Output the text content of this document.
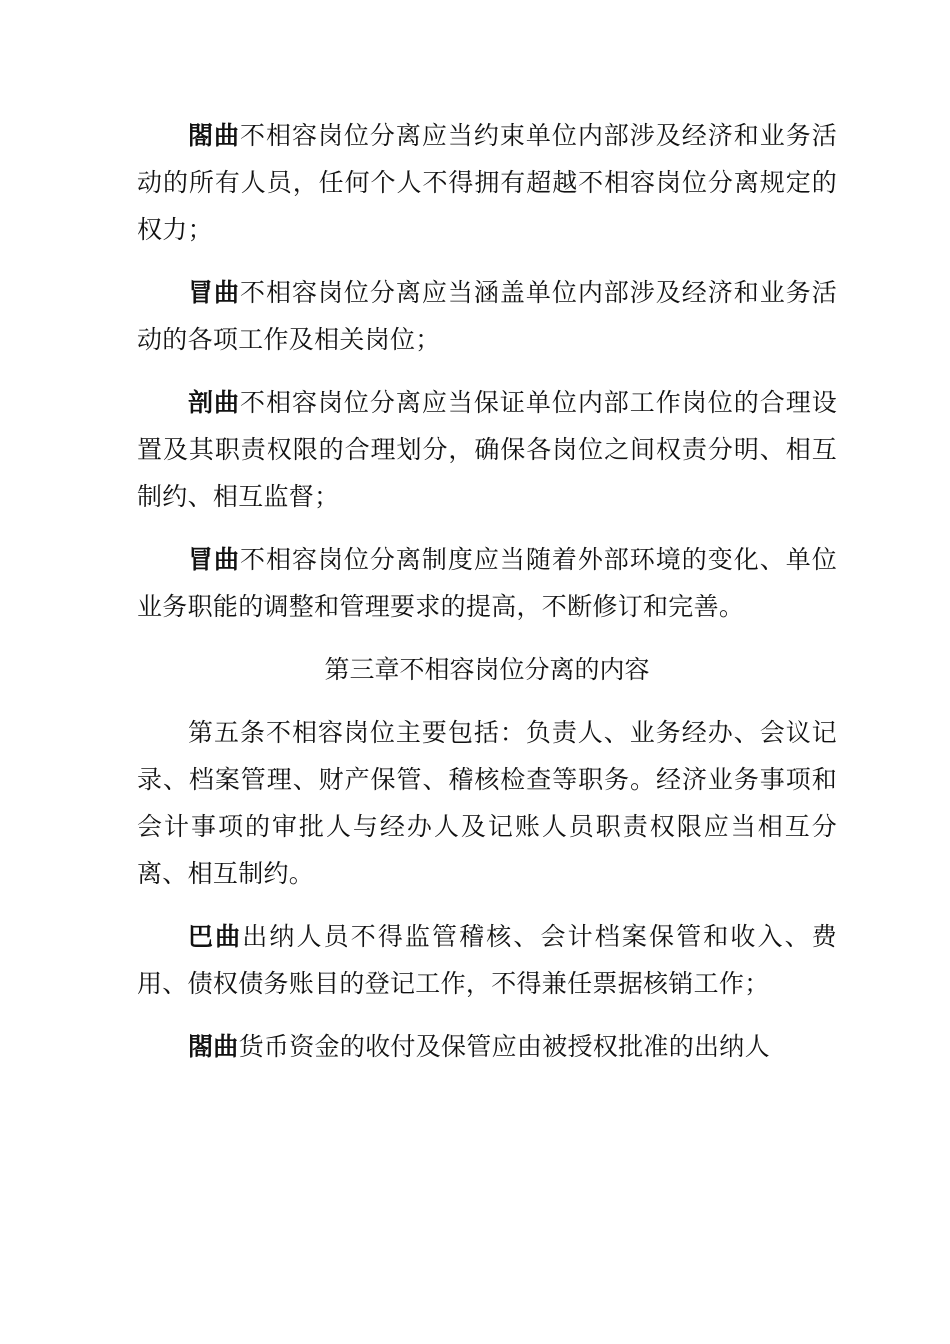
閤曲不相容岗位分离应当约束单位内部涉及经济和业务活动的所有人员，任何个人不得拥有超越不相容岗位分离规定的权力；

冒曲不相容岗位分离应当涵盖单位内部涉及经济和业务活动的各项工作及相关岗位；

剖曲不相容岗位分离应当保证单位内部工作岗位的合理设置及其职责权限的合理划分，确保各岗位之间权责分明、相互制约、相互监督；

冒曲不相容岗位分离制度应当随着外部环境的变化、单位业务职能的调整和管理要求的提高，不断修订和完善。

第三章不相容岗位分离的内容

第五条不相容岗位主要包括：负责人、业务经办、会议记录、档案管理、财产保管、稽核检查等职务。经济业务事项和会计事项的审批人与经办人及记账人员职责权限应当相互分离、相互制约。

巴曲出纳人员不得监管稽核、会计档案保管和收入、费用、债权债务账目的登记工作，不得兼任票据核销工作；

閤曲货币资金的收付及保管应由被授权批准的出纳人
